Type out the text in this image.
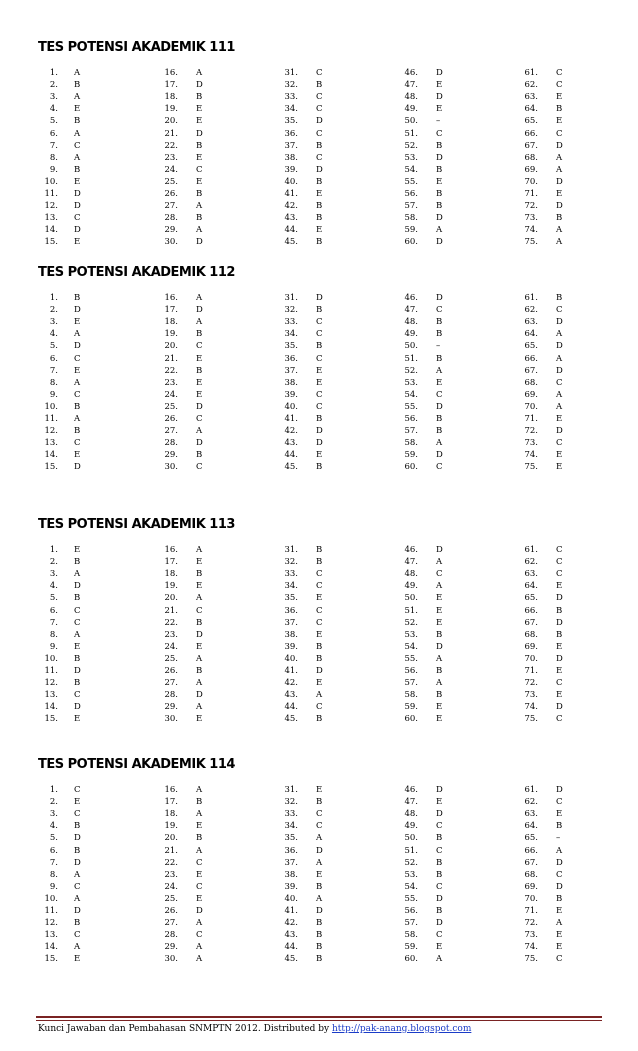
TES POTENSI AKADEMIK 111
1. A
2. B
3. A
4. E
5. B
6. A
7. C
8. A
9. B
10. E
11. D
12. D
13. C
14. D
15. E
16. A
17. D
18. B
19. E
20. E
21. D
22. B
23. E
24. C
25. E
26. B
27. A
28. B
29. A
30. D
31. C
32. B
33. C
34. C
35. D
36. C
37. B
38. C
39. D
40. B
41. E
42. B
43. B
44. E
45. B
46. D
47. E
48. D
49. E
50. –
51. C
52. B
53. D
54. B
55. E
56. B
57. B
58. D
59. A
60. D
61. C
62. C
63. E
64. B
65. E
66. C
67. D
68. A
69. A
70. D
71. E
72. D
73. B
74. A
75. A
TES POTENSI AKADEMIK 112
1. B
2. D
3. E
4. A
5. D
6. C
7. E
8. A
9. C
10. B
11. A
12. B
13. C
14. E
15. D
16. A
17. D
18. A
19. B
20. C
21. E
22. B
23. E
24. E
25. D
26. C
27. A
28. D
29. B
30. C
31. D
32. B
33. C
34. C
35. B
36. C
37. E
38. E
39. C
40. C
41. B
42. D
43. D
44. E
45. B
46. D
47. C
48. B
49. B
50. –
51. B
52. A
53. E
54. C
55. D
56. B
57. B
58. A
59. D
60. C
61. B
62. C
63. D
64. A
65. D
66. A
67. D
68. C
69. A
70. A
71. E
72. D
73. C
74. E
75. E
TES POTENSI AKADEMIK 113
1. E
2. B
3. A
4. D
5. B
6. C
7. C
8. A
9. E
10. B
11. D
12. B
13. C
14. D
15. E
16. A
17. E
18. B
19. E
20. A
21. C
22. B
23. D
24. E
25. A
26. B
27. A
28. D
29. A
30. E
31. B
32. B
33. C
34. C
35. E
36. C
37. C
38. E
39. B
40. B
41. D
42. E
43. A
44. C
45. B
46. D
47. A
48. C
49. A
50. E
51. E
52. E
53. B
54. D
55. A
56. B
57. A
58. B
59. E
60. E
61. C
62. C
63. C
64. E
65. D
66. B
67. D
68. B
69. E
70. D
71. E
72. C
73. E
74. D
75. C
TES POTENSI AKADEMIK 114
1. C
2. E
3. C
4. B
5. D
6. B
7. D
8. A
9. C
10. A
11. D
12. B
13. C
14. A
15. E
16. A
17. B
18. A
19. E
20. B
21. A
22. C
23. E
24. C
25. E
26. D
27. A
28. C
29. A
30. A
31. E
32. B
33. C
34. C
35. A
36. D
37. A
38. E
39. B
40. A
41. D
42. B
43. B
44. B
45. B
46. D
47. E
48. D
49. C
50. B
51. C
52. B
53. B
54. C
55. D
56. B
57. D
58. C
59. E
60. A
61. D
62. C
63. E
64. B
65. –
66. A
67. D
68. C
69. D
70. B
71. E
72. A
73. E
74. E
75. C
Kunci Jawaban dan Pembahasan SNMPTN 2012. Distributed by http://pak-anang.blogspot.com
